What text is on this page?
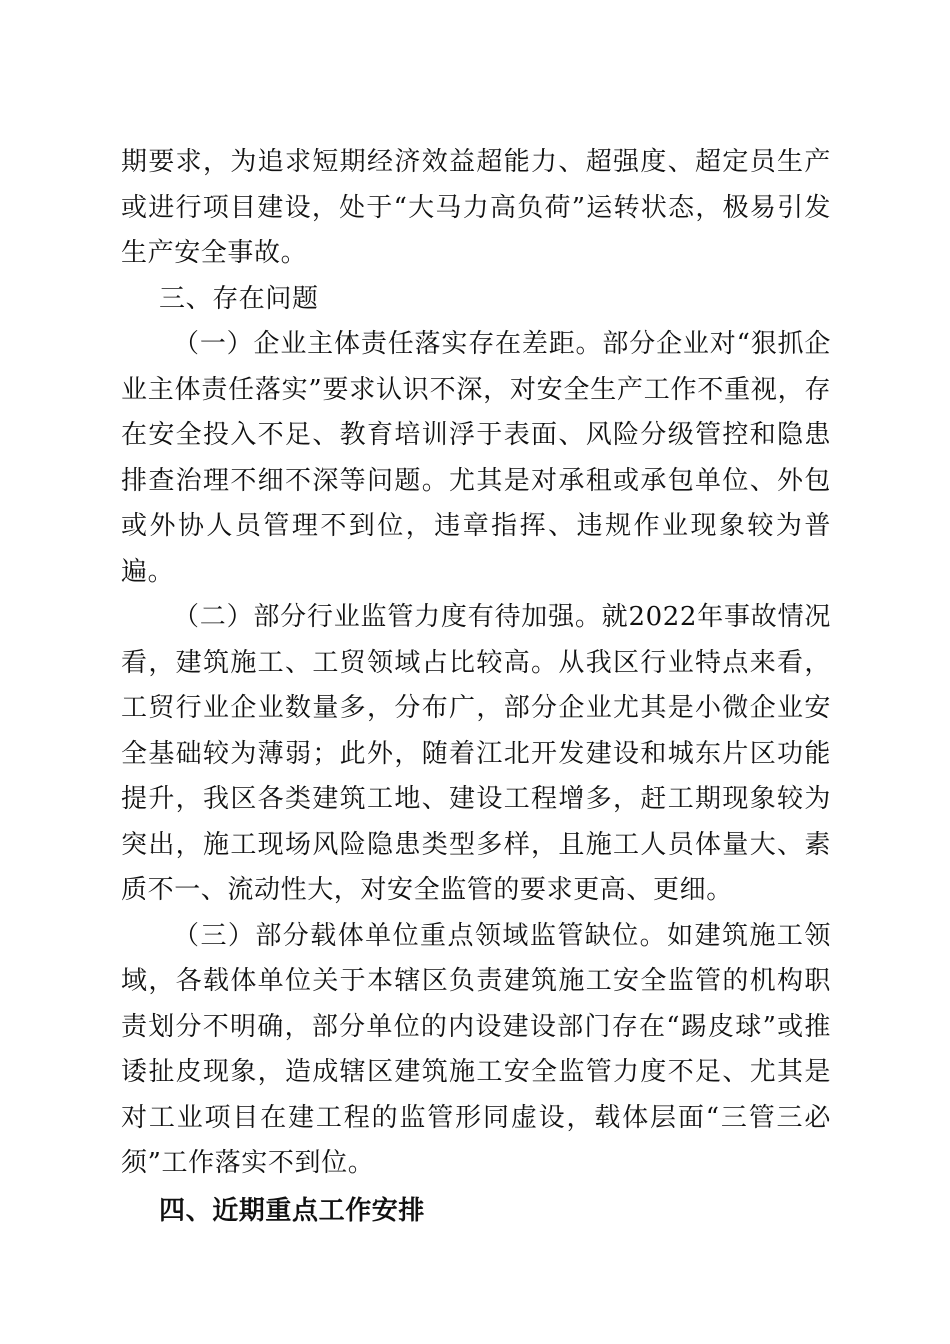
期要求，为追求短期经济效益超能力、超强度、超定员生产或进行项目建设，处于“大马力高负荷”运转状态，极易引发生产安全事故。

三、存在问题

（一）企业主体责任落实存在差距。部分企业对“狠抓企业主体责任落实”要求认识不深，对安全生产工作不重视，存在安全投入不足、教育培训浮于表面、风险分级管控和隐患排查治理不细不深等问题。尤其是对承租或承包单位、外包或外协人员管理不到位，违章指挥、违规作业现象较为普遍。

（二）部分行业监管力度有待加强。就2022年事故情况看，建筑施工、工贸领域占比较高。从我区行业特点来看，工贸行业企业数量多，分布广，部分企业尤其是小微企业安全基础较为薄弱；此外，随着江北开发建设和城东片区功能提升，我区各类建筑工地、建设工程增多，赶工期现象较为突出，施工现场风险隐患类型多样，且施工人员体量大、素质不一、流动性大，对安全监管的要求更高、更细。

（三）部分载体单位重点领域监管缺位。如建筑施工领域，各载体单位关于本辖区负责建筑施工安全监管的机构职责划分不明确，部分单位的内设建设部门存在“踢皮球”或推诿扯皮现象，造成辖区建筑施工安全监管力度不足、尤其是对工业项目在建工程的监管形同虚设，载体层面“三管三必须”工作落实不到位。

四、近期重点工作安排
